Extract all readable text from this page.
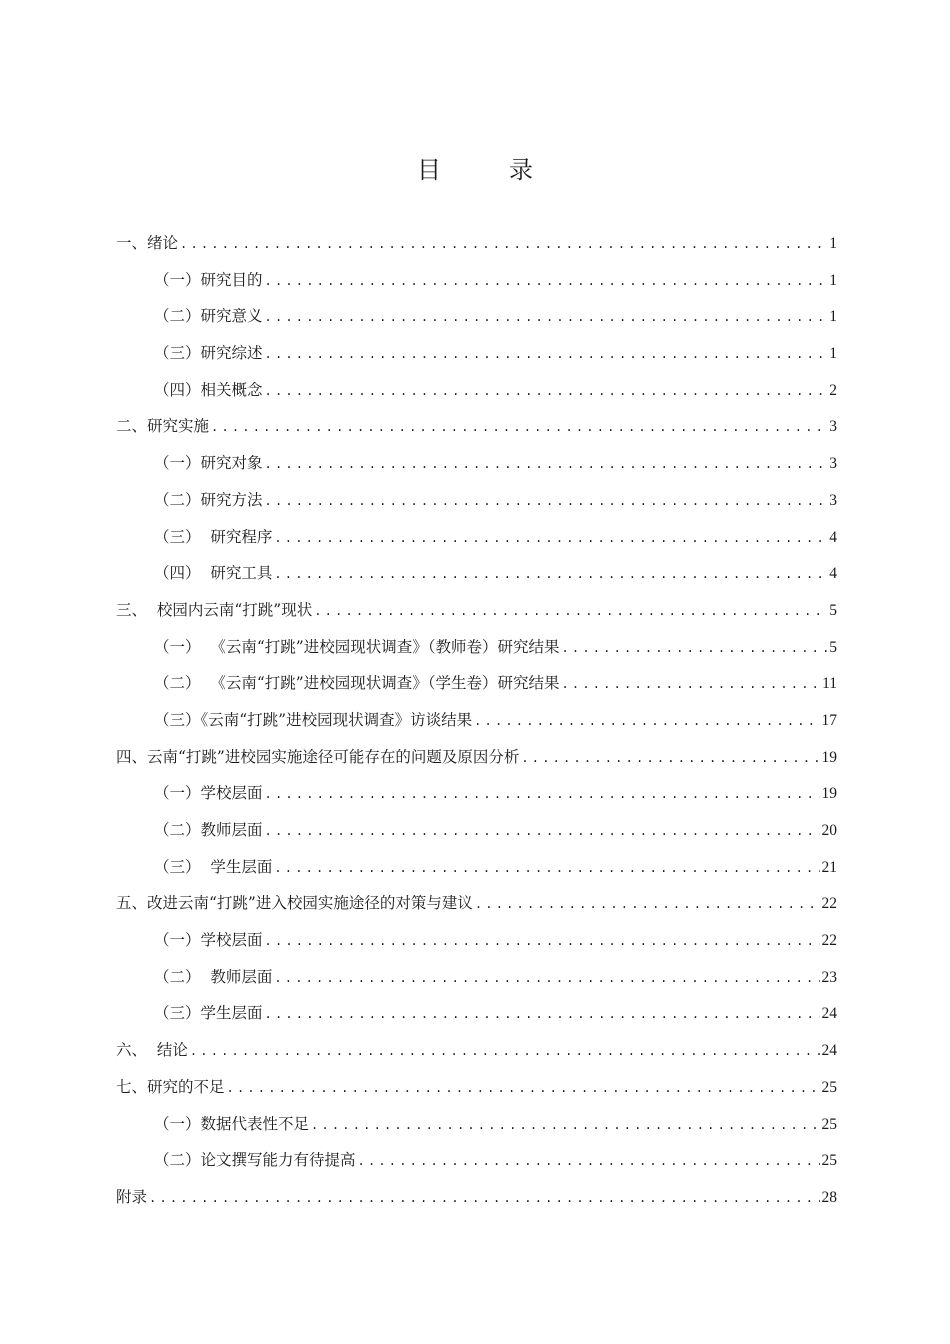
目　录
一、绪论 .....	1
（一）研究目的 .....	1
（二）研究意义 .....	1
（三）研究综述 .....	1
（四）相关概念 .....	2
二、研究实施 .....	3
（一）研究对象 .....	3
（二）研究方法 .....	3
（三）  研究程序 .....	4
（四）  研究工具 .....	4
三、  校园内云南“打跳”现状 .....	5
（一）  《云南“打跳”进校园现状调查》（教师卷）研究结果 .....	5
（二）  《云南“打跳”进校园现状调查》（学生卷）研究结果 .....	11
（三）《云南“打跳”进校园现状调查》访谈结果 .....	17
四、云南“打跳”进校园实施途径可能存在的问题及原因分析 .....	19
（一）学校层面 .....	19
（二）教师层面 .....	20
（三）  学生层面 .....	21
五、改进云南“打跳”进入校园实施途径的对策与建议 .....	22
（一）学校层面 .....	22
（二）  教师层面 .....	23
（三）学生层面 .....	24
六、  结论 .....	24
七、研究的不足 .....	25
（一）数据代表性不足 .....	25
（二）论文撰写能力有待提高 .....	25
附录 .....	28
